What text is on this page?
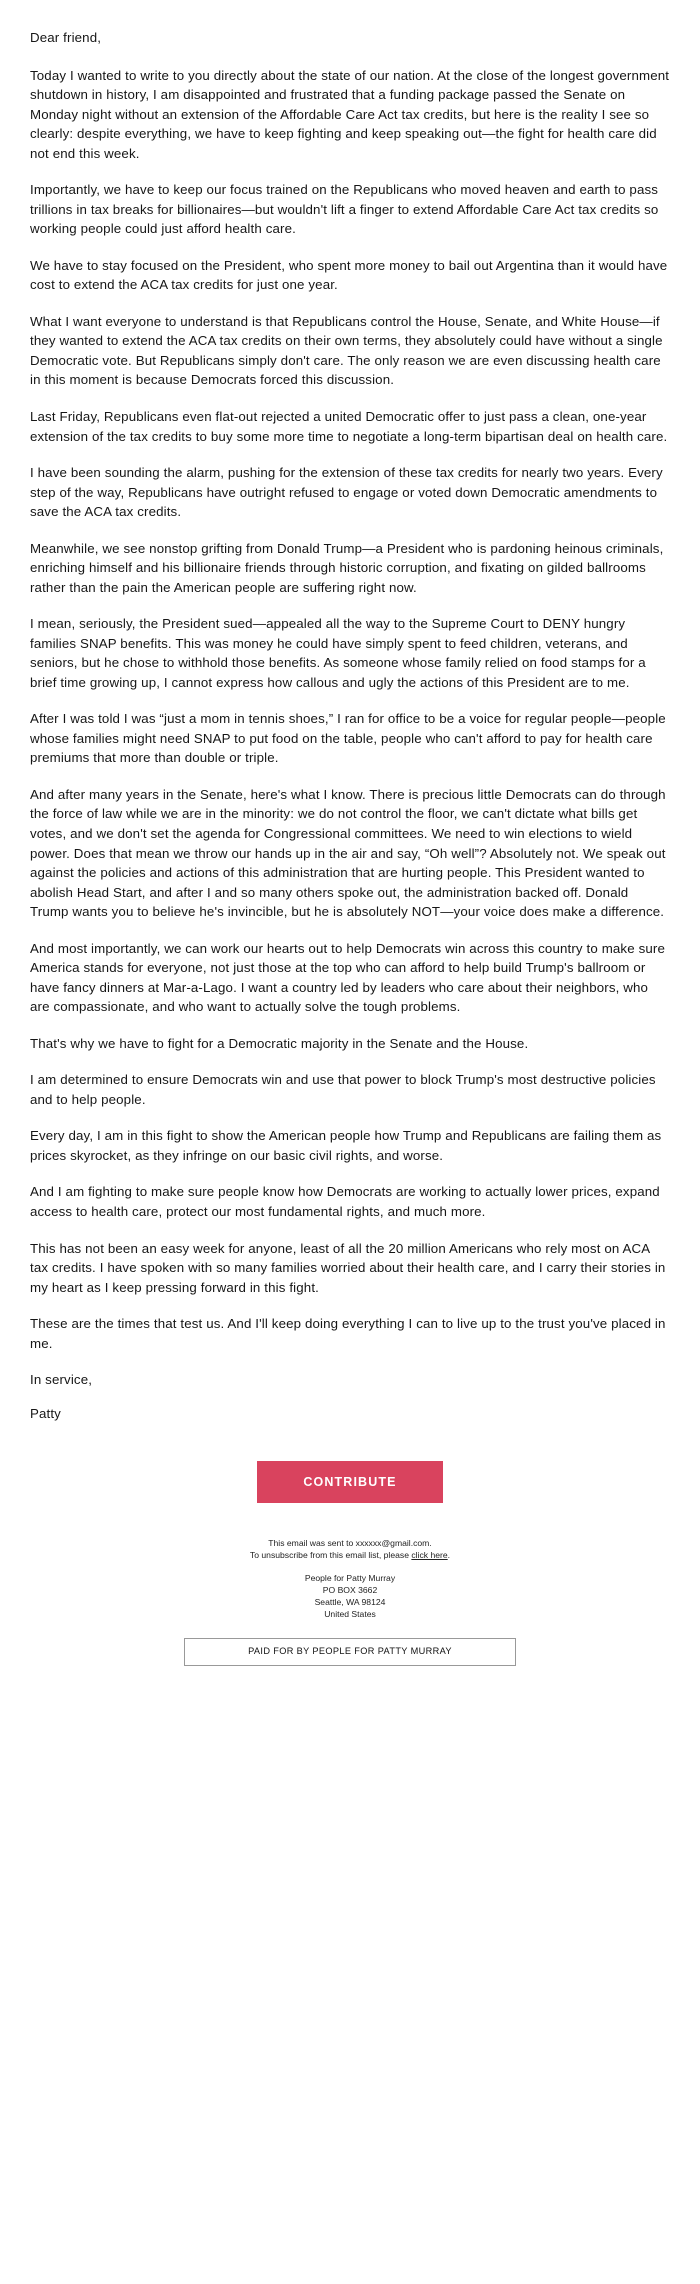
Dear friend,

Today I wanted to write to you directly about the state of our nation. At the close of the longest government shutdown in history, I am disappointed and frustrated that a funding package passed the Senate on Monday night without an extension of the Affordable Care Act tax credits, but here is the reality I see so clearly: despite everything, we have to keep fighting and keep speaking out—the fight for health care did not end this week.

Importantly, we have to keep our focus trained on the Republicans who moved heaven and earth to pass trillions in tax breaks for billionaires—but wouldn't lift a finger to extend Affordable Care Act tax credits so working people could just afford health care.

We have to stay focused on the President, who spent more money to bail out Argentina than it would have cost to extend the ACA tax credits for just one year.

What I want everyone to understand is that Republicans control the House, Senate, and White House—if they wanted to extend the ACA tax credits on their own terms, they absolutely could have without a single Democratic vote. But Republicans simply don't care. The only reason we are even discussing health care in this moment is because Democrats forced this discussion.

Last Friday, Republicans even flat-out rejected a united Democratic offer to just pass a clean, one-year extension of the tax credits to buy some more time to negotiate a long-term bipartisan deal on health care.

I have been sounding the alarm, pushing for the extension of these tax credits for nearly two years. Every step of the way, Republicans have outright refused to engage or voted down Democratic amendments to save the ACA tax credits.

Meanwhile, we see nonstop grifting from Donald Trump—a President who is pardoning heinous criminals, enriching himself and his billionaire friends through historic corruption, and fixating on gilded ballrooms rather than the pain the American people are suffering right now.

I mean, seriously, the President sued—appealed all the way to the Supreme Court to DENY hungry families SNAP benefits. This was money he could have simply spent to feed children, veterans, and seniors, but he chose to withhold those benefits. As someone whose family relied on food stamps for a brief time growing up, I cannot express how callous and ugly the actions of this President are to me.

After I was told I was “just a mom in tennis shoes,” I ran for office to be a voice for regular people—people whose families might need SNAP to put food on the table, people who can't afford to pay for health care premiums that more than double or triple.

And after many years in the Senate, here's what I know. There is precious little Democrats can do through the force of law while we are in the minority: we do not control the floor, we can't dictate what bills get votes, and we don't set the agenda for Congressional committees. We need to win elections to wield power. Does that mean we throw our hands up in the air and say, “Oh well”? Absolutely not. We speak out against the policies and actions of this administration that are hurting people. This President wanted to abolish Head Start, and after I and so many others spoke out, the administration backed off. Donald Trump wants you to believe he's invincible, but he is absolutely NOT—your voice does make a difference.

And most importantly, we can work our hearts out to help Democrats win across this country to make sure America stands for everyone, not just those at the top who can afford to help build Trump's ballroom or have fancy dinners at Mar-a-Lago. I want a country led by leaders who care about their neighbors, who are compassionate, and who want to actually solve the tough problems.

That's why we have to fight for a Democratic majority in the Senate and the House.

I am determined to ensure Democrats win and use that power to block Trump's most destructive policies and to help people.

Every day, I am in this fight to show the American people how Trump and Republicans are failing them as prices skyrocket, as they infringe on our basic civil rights, and worse.

And I am fighting to make sure people know how Democrats are working to actually lower prices, expand access to health care, protect our most fundamental rights, and much more.

This has not been an easy week for anyone, least of all the 20 million Americans who rely most on ACA tax credits. I have spoken with so many families worried about their health care, and I carry their stories in my heart as I keep pressing forward in this fight.

These are the times that test us. And I'll keep doing everything I can to live up to the trust you've placed in me.

In service,

Patty

CONTRIBUTE
This email was sent to xxxxxx@gmail.com.
To unsubscribe from this email list, please click here.
People for Patty Murray
PO BOX 3662
Seattle, WA 98124
United States
PAID FOR BY PEOPLE FOR PATTY MURRAY
